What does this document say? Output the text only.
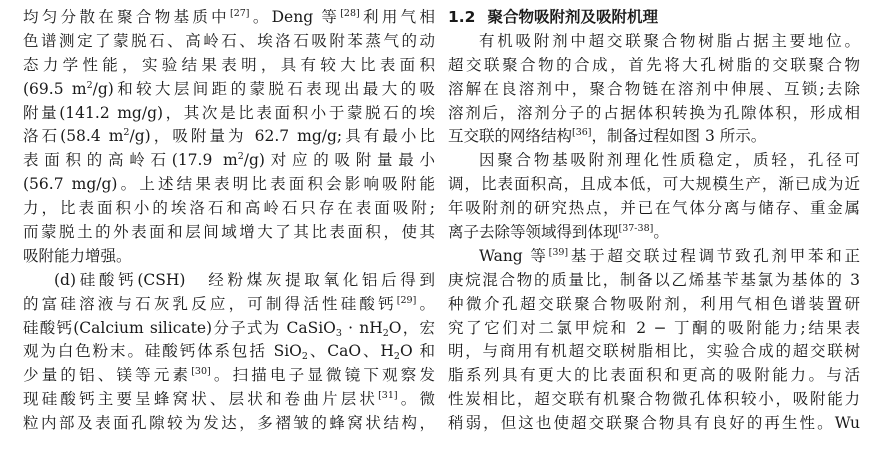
均匀分散在聚合物基质中[27]。Deng 等[28]利用气相
色谱测定了蒙脱石、高岭石、埃洛石吸附苯蒸气的动
态力学性能，实验结果表明，具有较大比表面积
(69.5 $m^2/g$)和较大层间距的蒙脱石表现出最大的吸
附量(141.2 mg/g)，其次是比表面积小于蒙脱石的埃
洛石(58.4 $m^2/g$)，吸附量为 62.7 mg/g;具有最小比
表面积的高岭石(17.9 $m^2/g$)对应的吸附量最小
(56.7 mg/g)。上述结果表明比表面积会影响吸附能
力，比表面积小的埃洛石和高岭石只存在表面吸附;
而蒙脱土的外表面和层间域增大了其比表面积，使其
吸附能力增强。
(d)硅酸钙(CSH)　经粉煤灰提取氧化铝后得到
的富硅溶液与石灰乳反应，可制得活性硅酸钙[29]。
硅酸钙(Calcium silicate)分子式为 CaSiO$_3$ · $nH_2O$，宏
观为白色粉末。硅酸钙体系包括 SiO$_2$、CaO、$H_2O$ 和
少量的铝、镁等元素[30]。扫描电子显微镜下观察发
现硅酸钙主要呈蜂窝状、层状和卷曲片层状[31]。微
粒内部及表面孔隙较为发达，多褶皱的蜂窝状结构，
1.2 聚合物吸附剂及吸附机理
有机吸附剂中超交联聚合物树脂占据主要地位。
超交联聚合物的合成，首先将大孔树脂的交联聚合物
溶解在良溶剂中，聚合物链在溶剂中伸展、互锁;去除
溶剂后，溶剂分子的占据体积转换为孔隙体积，形成相
互交联的网络结构[36]，制备过程如图 3 所示。
因聚合物基吸附剂理化性质稳定，质轻，孔径可
调，比表面积高，且成本低，可大规模生产，渐已成为近
年吸附剂的研究热点，并已在气体分离与储存、重金属
离子去除等领域得到体现[37-38]。
Wang 等[39]基于超交联过程调节致孔剂甲苯和正
庚烷混合物的质量比，制备以乙烯基苄基氯为基体的 3
种微介孔超交联聚合物吸附剂，利用气相色谱装置研
究了它们对二氯甲烷和 2 − 丁酮的吸附能力;结果表
明，与商用有机超交联树脂相比，实验合成的超交联树
脂系列具有更大的比表面积和更高的吸附能力。与活
性炭相比，超交联有机聚合物微孔体积较小，吸附能力
稍弱，但这也使超交联聚合物具有良好的再生性。Wu
